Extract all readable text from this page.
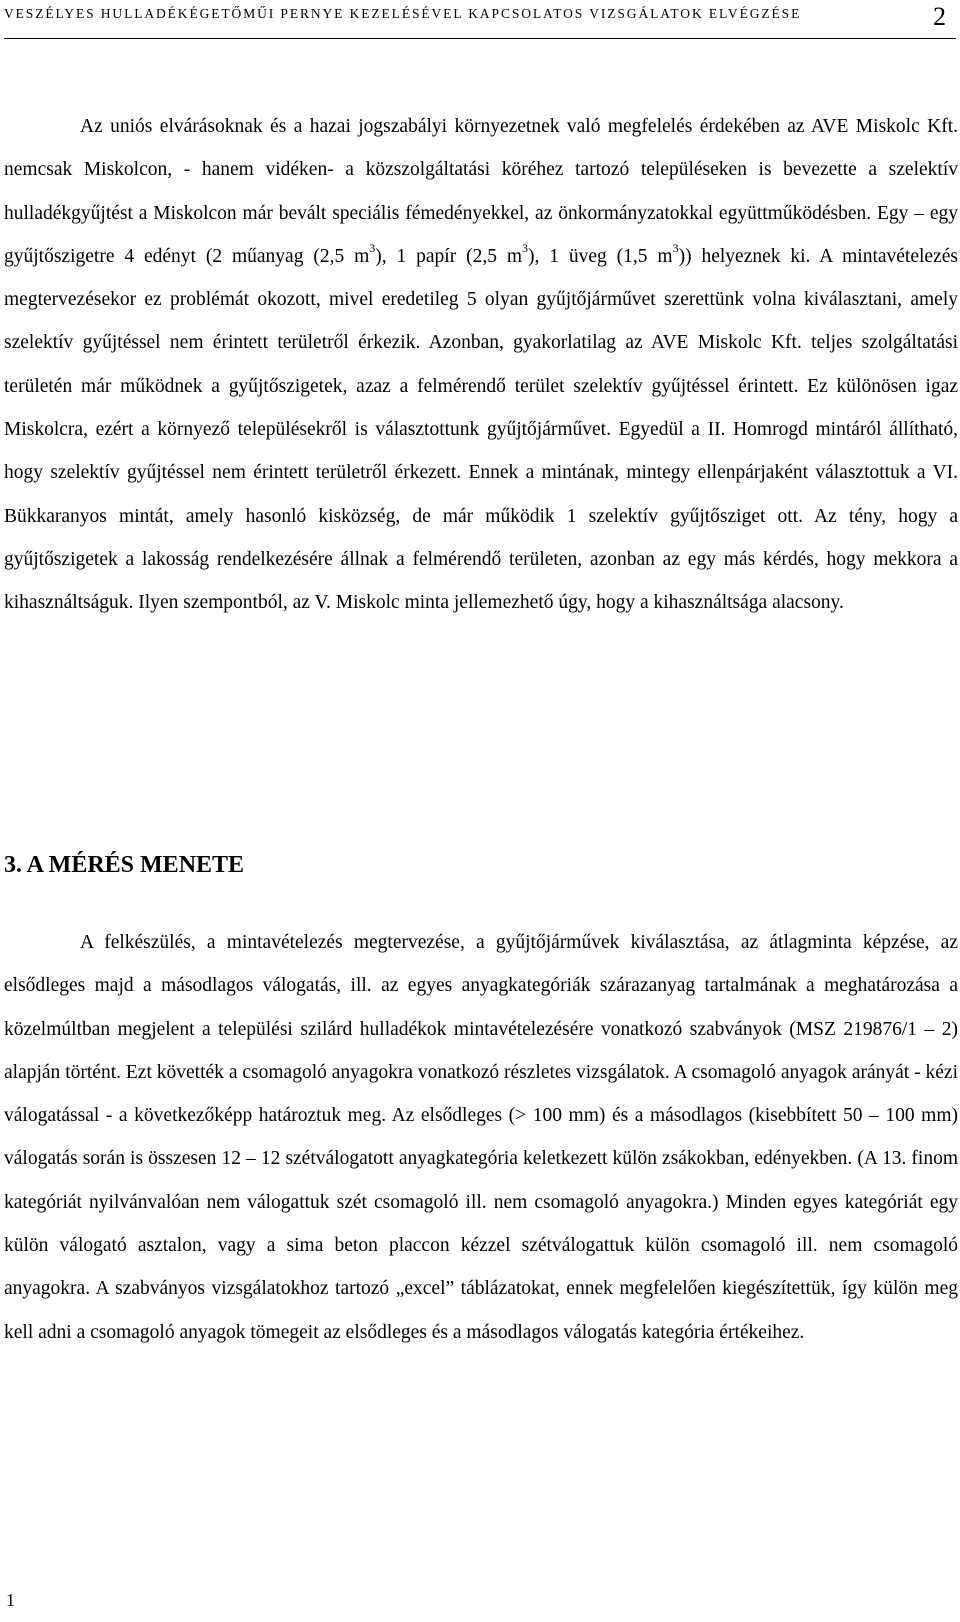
VESZÉLYES HULLADÉKÉGETŐMŰI PERNYE KEZELÉSÉVEL KAPCSOLATOS VIZSGÁLATOK ELVÉGZÉSE	2
Az uniós elvárásoknak és a hazai jogszabályi környezetnek való megfelelés érdekében az AVE Miskolc Kft. nemcsak Miskolcon, - hanem vidéken- a közszolgáltatási köréhez tartozó településeken is bevezette a szelektív hulladékgyűjtést a Miskolcon már bevált speciális fémedényekkel, az önkormányzatokkal együttműködésben. Egy – egy gyűjtőszigetre 4 edényt (2 műanyag (2,5 $m^3$), 1 papír (2,5 $m^3$), 1 üveg (1,5 $m^3$)) helyeznek ki. A mintavételezés megtervezésekor ez problémát okozott, mivel eredetileg 5 olyan gyűjtőjárművet szerettünk volna kiválasztani, amely szelektív gyűjtéssel nem érintett területről érkezik. Azonban, gyakorlatilag az AVE Miskolc Kft. teljes szolgáltatási területén már működnek a gyűjtőszigetek, azaz a felmérendő terület szelektív gyűjtéssel érintett. Ez különösen igaz Miskolcra, ezért a környező településekről is választottunk gyűjtőjárművet. Egyedül a II. Homrogd mintáról állítható, hogy szelektív gyűjtéssel nem érintett területről érkezett. Ennek a mintának, mintegy ellenpárjaként választottuk a VI. Bükkaranyos mintát, amely hasonló kisközség, de már működik 1 szelektív gyűjtősziget ott. Az tény, hogy a gyűjtőszigetek a lakosság rendelkezésére állnak a felmérendő területen, azonban az egy más kérdés, hogy mekkora a kihasználtságuk. Ilyen szempontból, az V. Miskolc minta jellemezhető úgy, hogy a kihasználtsága alacsony.
3. A MÉRÉS MENETE
A felkészülés, a mintavételezés megtervezése, a gyűjtőjárművek kiválasztása, az átlagminta képzése, az elsődleges majd a másodlagos válogatás, ill. az egyes anyagkategóriák szárazanyag tartalmának a meghatározása a közelmúltban megjelent a települési szilárd hulladékok mintavételezésére vonatkozó szabványok (MSZ 219876/1 – 2) alapján történt. Ezt követték a csomagoló anyagokra vonatkozó részletes vizsgálatok. A csomagoló anyagok arányát - kézi válogatással - a következőképp határoztuk meg. Az elsődleges (> 100 mm) és a másodlagos (kisebbített 50 – 100 mm) válogatás során is összesen 12 – 12 szétválogatott anyagkategória keletkezett külön zsákokban, edényekben. (A 13. finom kategóriát nyilvánvalóan nem válogattuk szét csomagoló ill. nem csomagoló anyagokra.) Minden egyes kategóriát egy külön válogató asztalon, vagy a sima beton placcon kézzel szétválogattuk külön csomagoló ill. nem csomagoló anyagokra. A szabványos vizsgálatokhoz tartozó „excel” táblázatokat, ennek megfelelően kiegészítettük, így külön meg kell adni a csomagoló anyagok tömegeit az elsődleges és a másodlagos válogatás kategória értékeihez.
1
